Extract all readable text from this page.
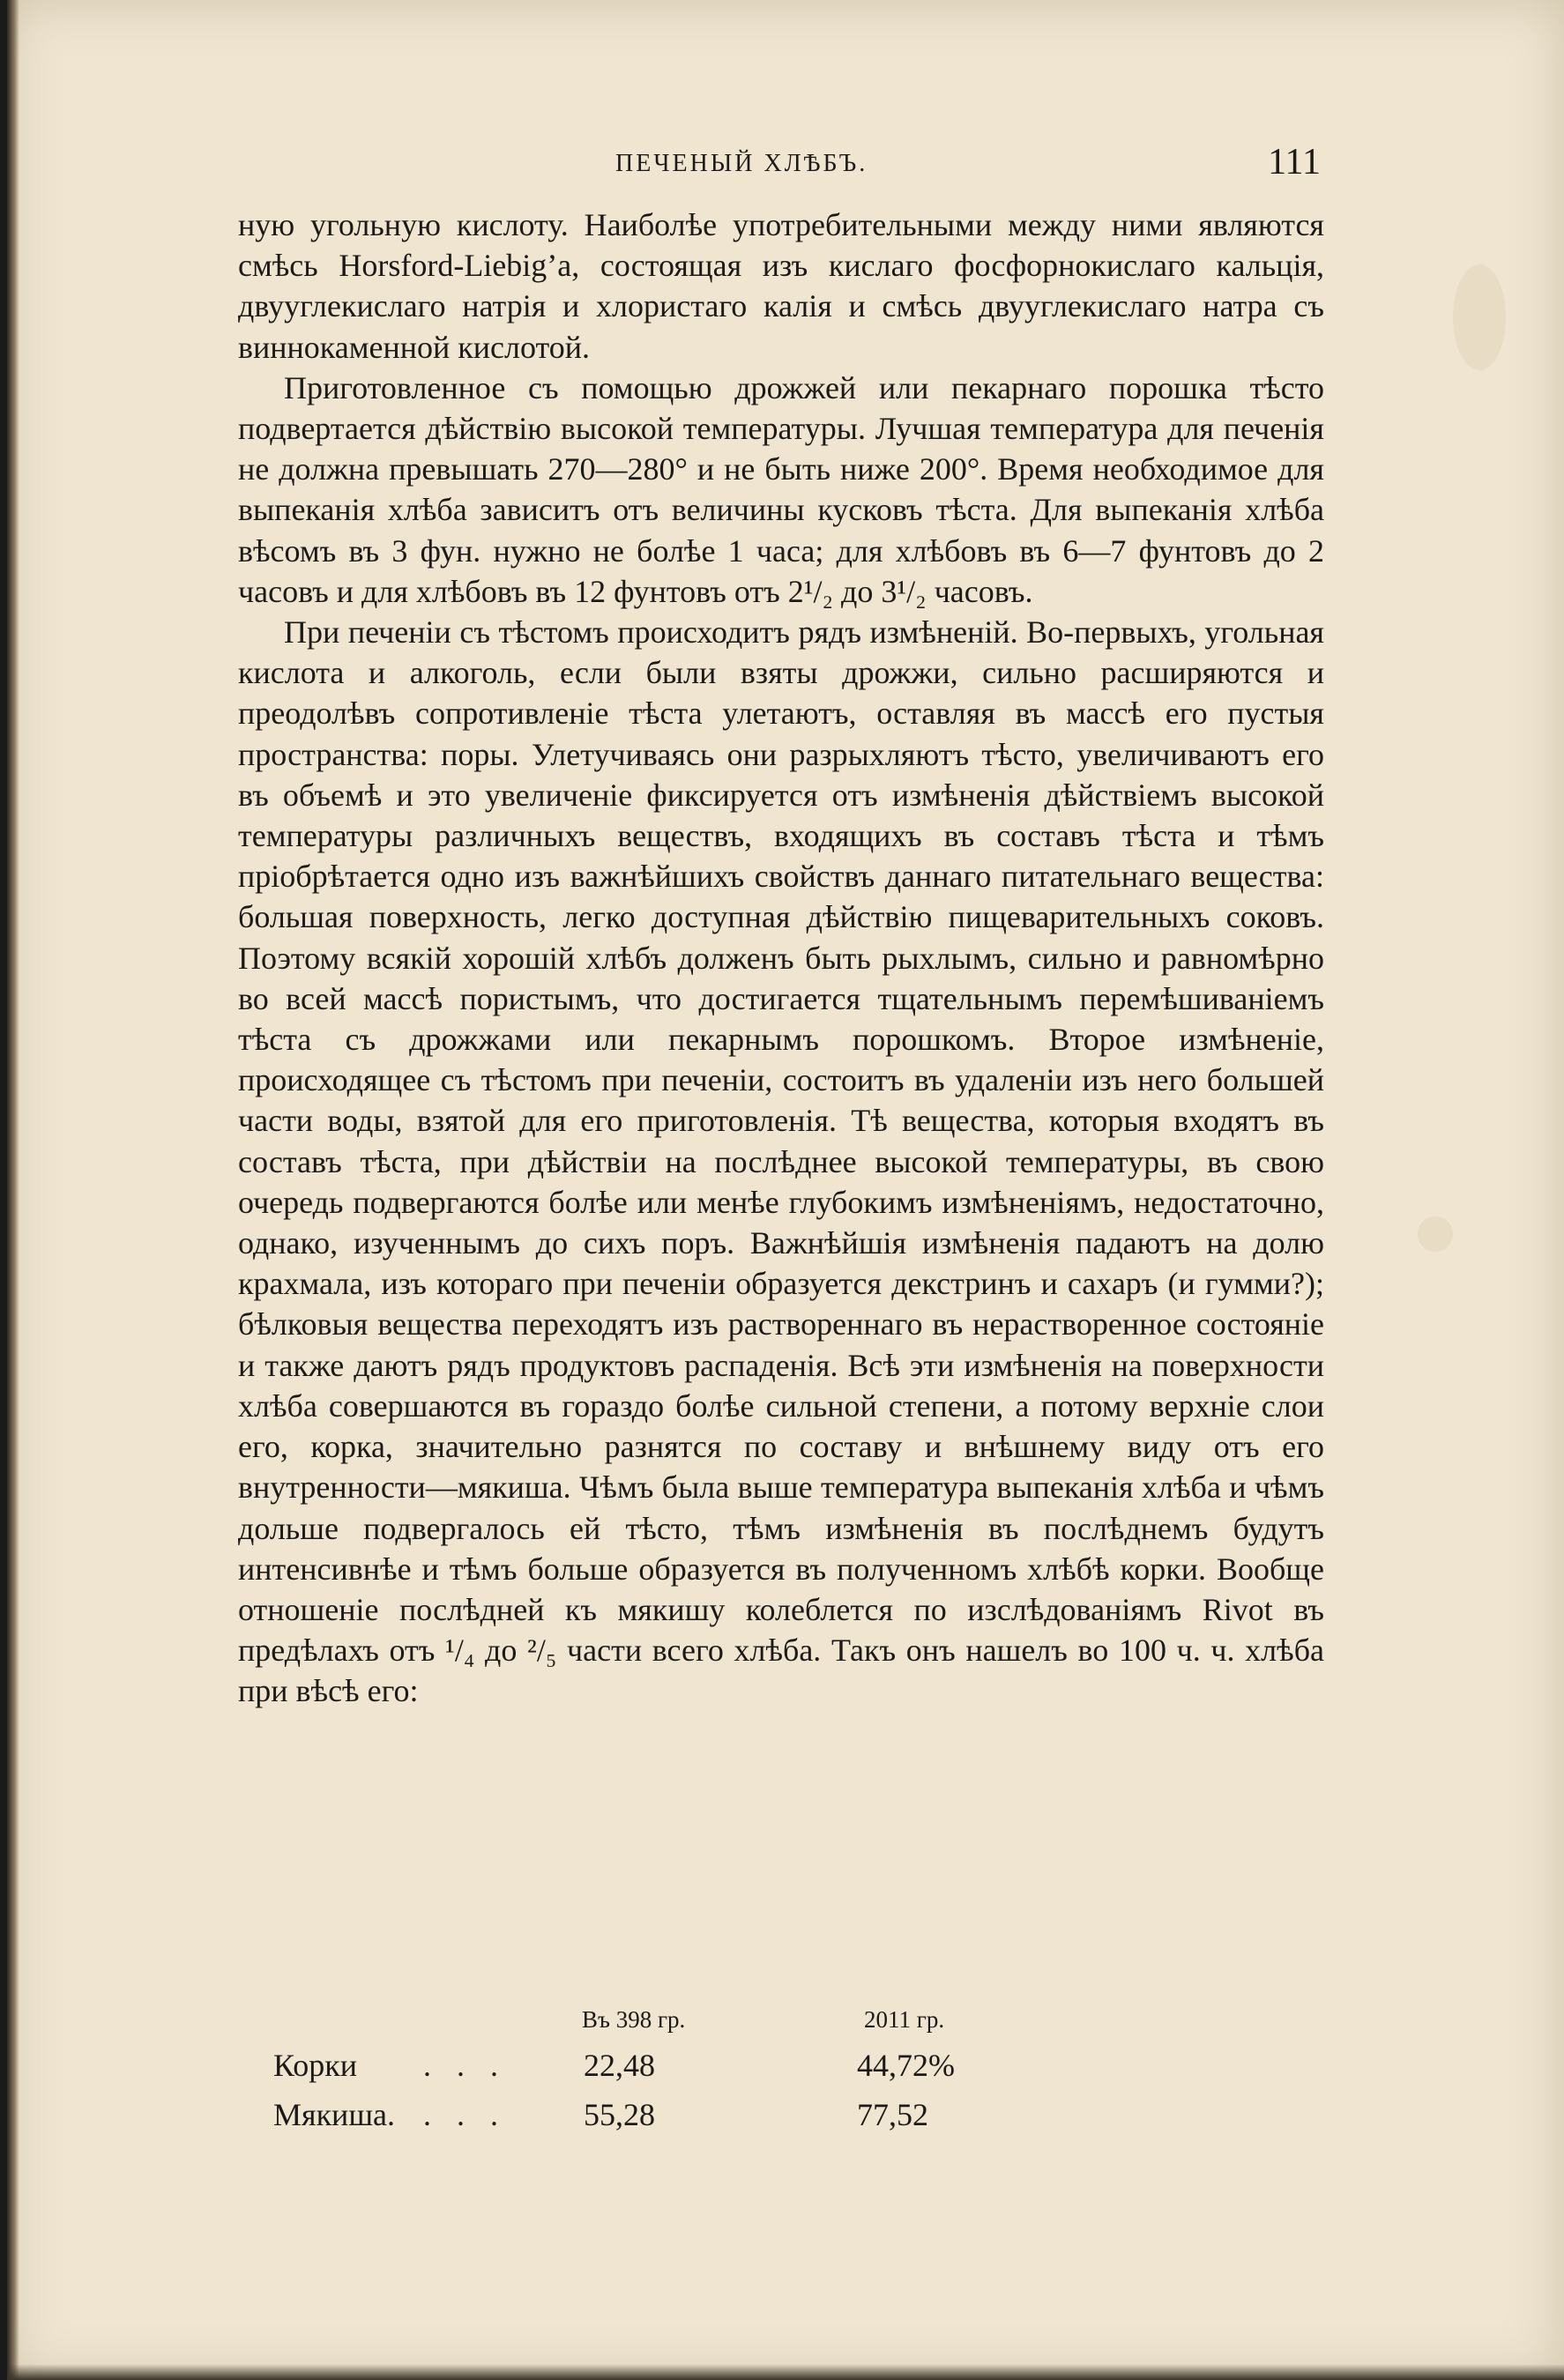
ПЕЧЕНЫЙ ХЛѢБЪ.	111

ную угольную кислоту. Наиболѣе употребительными между ними являются смѣсь Horsford-Liebig’а, состоящая изъ кислаго фосфорнокислаго кальцiя, двууглекислаго натрiя и хлористаго калiя и смѣсь двууглекислаго натра съ виннокаменной кислотой.

Приготовленное съ помощью дрожжей или пекарнаго порошка тѣсто подвертается дѣйствiю высокой температуры. Лучшая температура для печенiя не должна превышать 270—280° и не быть ниже 200°. Время необходимое для выпеканiя хлѣба зависитъ отъ величины кусковъ тѣста. Для выпеканiя хлѣба вѣсомъ въ 3 фун. нужно не болѣе 1 часа; для хлѣбовъ въ 6—7 фунтовъ до 2 часовъ и для хлѣбовъ въ 12 фунтовъ отъ 2¹/₂ до 3¹/₂ часовъ.

При печенiи съ тѣстомъ происходитъ рядъ измѣненiй. Во-первыхъ, угольная кислота и алкоголь, если были взяты дрожжи, сильно расширяются и преодолѣвъ сопротивленiе тѣста улетаютъ, оставляя въ массѣ его пустыя пространства: поры. Улетучиваясь они разрыхляютъ тѣсто, увеличиваютъ его въ объемѣ и это увеличенiе фиксируется отъ измѣненiя дѣйствiемъ высокой температуры различныхъ веществъ, входящихъ въ составъ тѣста и тѣмъ прiобрѣтается одно изъ важнѣйшихъ свойствъ даннаго питательнаго вещества: большая поверхность, легко доступная дѣйствiю пищеварительныхъ соковъ. Поэтому всякiй хорошiй хлѣбъ долженъ быть рыхлымъ, сильно и равномѣрно во всей массѣ пористымъ, что достигается тщательнымъ перемѣшиванiемъ тѣста съ дрожжами или пекарнымъ порошкомъ. Второе измѣненiе, происходящее съ тѣстомъ при печенiи, состоитъ въ удаленiи изъ него большей части воды, взятой для его приготовленiя. Тѣ вещества, которыя входятъ въ составъ тѣста, при дѣйствiи на послѣднее высокой температуры, въ свою очередь подвергаются болѣе или менѣе глубокимъ измѣненiямъ, недостаточно, однако, изученнымъ до сихъ поръ. Важнѣйшiя измѣненiя падаютъ на долю крахмала, изъ котораго при печенiи образуется декстринъ и сахаръ (и гумми?); бѣлковыя вещества переходятъ изъ раствореннаго въ нерастворенное состоянiе и также даютъ рядъ продуктовъ распаденiя. Всѣ эти измѣненiя на поверхности хлѣба совершаются въ гораздо болѣе сильной степени, а потому верхнiе слои его, корка, значительно разнятся по составу и внѣшнему виду отъ его внутренности—мякиша. Чѣмъ была выше температура выпеканiя хлѣба и чѣмъ дольше подвергалось ей тѣсто, тѣмъ измѣненiя въ послѣднемъ будутъ интенсивнѣе и тѣмъ больше образуется въ полученномъ хлѣбѣ корки. Вообще отношенiе послѣдней къ мякишу колеблется по изслѣдованiямъ Rivot въ предѣлахъ отъ ¹/₄ до ²/₅ части всего хлѣба. Такъ онъ нашелъ во 100 ч. ч. хлѣба при вѣсѣ его:

Въ 398 гр.	2011 гр.
Корки . . . 22,48	44,72%
Мякиша. . . . 55,28	77,52
